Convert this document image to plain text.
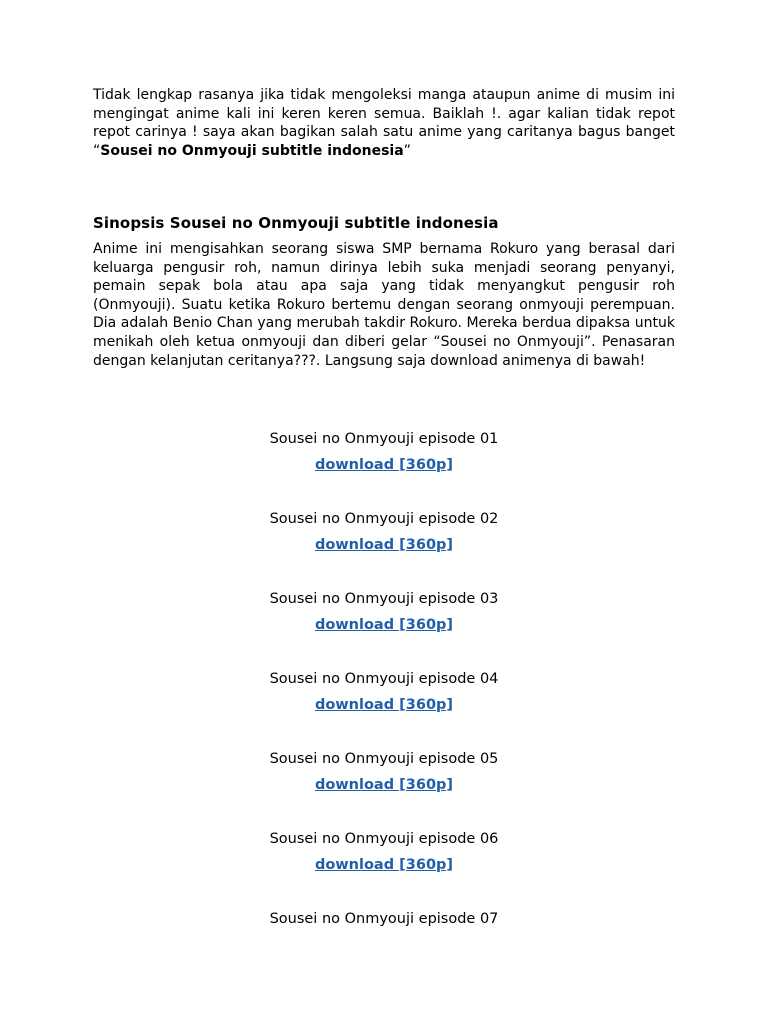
Tidak lengkap rasanya jika tidak mengoleksi manga ataupun anime di musim ini mengingat anime kali ini keren keren semua. Baiklah !. agar kalian tidak repot repot carinya ! saya akan bagikan salah satu anime yang caritanya bagus banget “Sousei no Onmyouji subtitle indonesia”

Sinopsis Sousei no Onmyouji subtitle indonesia

Anime ini mengisahkan seorang siswa SMP bernama Rokuro yang berasal dari keluarga pengusir roh, namun dirinya lebih suka menjadi seorang penyanyi, pemain sepak bola atau apa saja yang tidak menyangkut pengusir roh (Onmyouji). Suatu ketika Rokuro bertemu dengan seorang onmyouji perempuan. Dia adalah Benio Chan yang merubah takdir Rokuro. Mereka berdua dipaksa untuk menikah oleh ketua onmyouji dan diberi gelar “Sousei no Onmyouji”. Penasaran dengan kelanjutan ceritanya???. Langsung saja download animenya di bawah!

Sousei no Onmyouji episode 01
download [360p]
Sousei no Onmyouji episode 02
download [360p]
Sousei no Onmyouji episode 03
download [360p]
Sousei no Onmyouji episode 04
download [360p]
Sousei no Onmyouji episode 05
download [360p]
Sousei no Onmyouji episode 06
download [360p]
Sousei no Onmyouji episode 07
